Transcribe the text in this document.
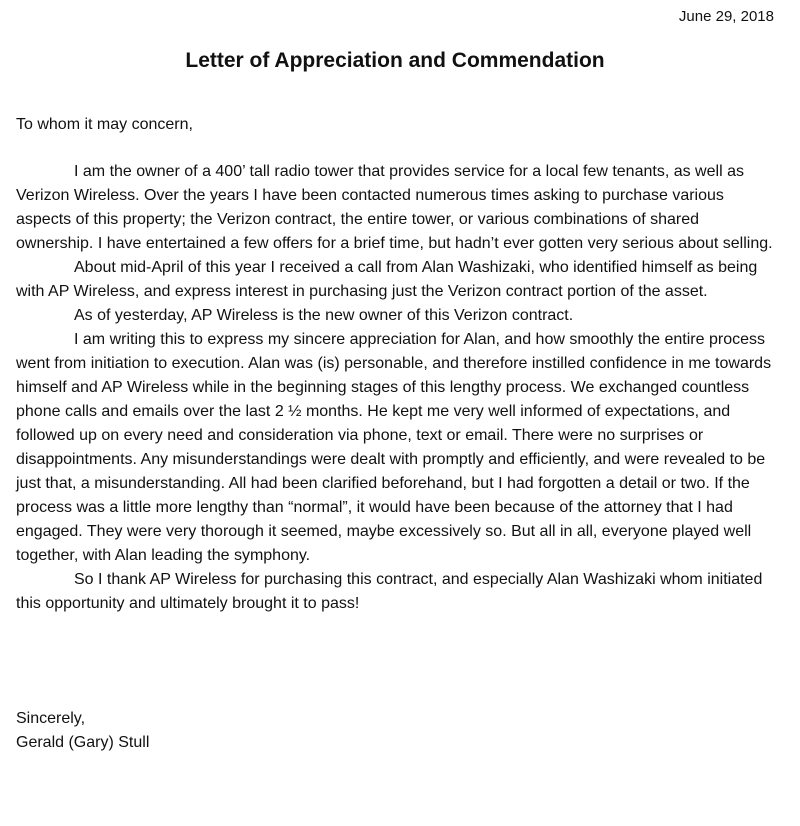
June 29, 2018
Letter of Appreciation and Commendation
To whom it may concern,

I am the owner of a 400’ tall radio tower that provides service for a local few tenants, as well as Verizon Wireless. Over the years I have been contacted numerous times asking to purchase various aspects of this property; the Verizon contract, the entire tower, or various combinations of shared ownership. I have entertained a few offers for a brief time, but hadn’t ever gotten very serious about selling.

About mid-April of this year I received a call from Alan Washizaki, who identified himself as being with AP Wireless, and express interest in purchasing just the Verizon contract portion of the asset.

As of yesterday, AP Wireless is the new owner of this Verizon contract.

I am writing this to express my sincere appreciation for Alan, and how smoothly the entire process went from initiation to execution. Alan was (is) personable, and therefore instilled confidence in me towards himself and AP Wireless while in the beginning stages of this lengthy process. We exchanged countless phone calls and emails over the last 2 ½ months. He kept me very well informed of expectations, and followed up on every need and consideration via phone, text or email. There were no surprises or disappointments. Any misunderstandings were dealt with promptly and efficiently, and were revealed to be just that, a misunderstanding. All had been clarified beforehand, but I had forgotten a detail or two. If the process was a little more lengthy than “normal”, it would have been because of the attorney that I had engaged. They were very thorough it seemed, maybe excessively so. But all in all, everyone played well together, with Alan leading the symphony.

So I thank AP Wireless for purchasing this contract, and especially Alan Washizaki whom initiated this opportunity and ultimately brought it to pass!

Sincerely,
Gerald (Gary) Stull
